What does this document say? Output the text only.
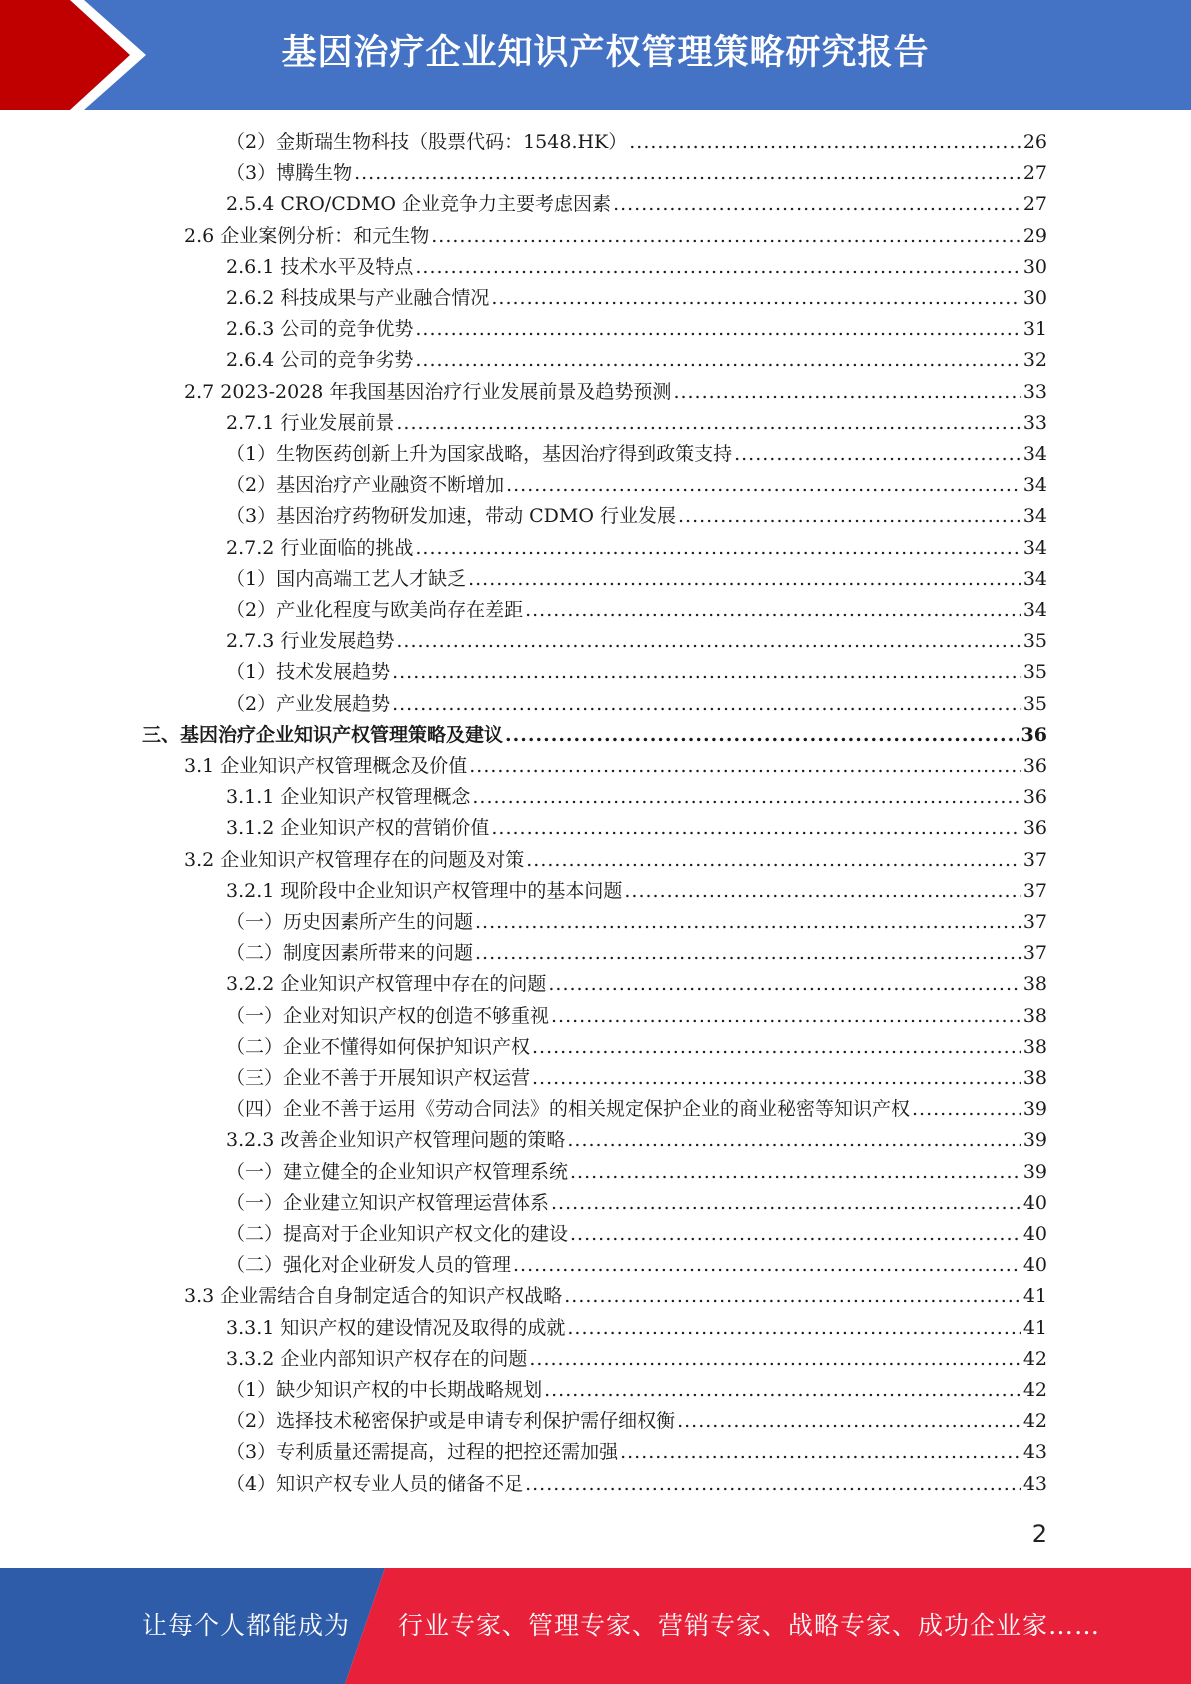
基因治疗企业知识产权管理策略研究报告
（2）金斯瑞生物科技（股票代码：1548.HK） .....	26
（3）博腾生物 .....	27
2.5.4 CRO/CDMO 企业竞争力主要考虑因素 .....	27
2.6 企业案例分析：和元生物 .....	29
2.6.1 技术水平及特点 .....	30
2.6.2 科技成果与产业融合情况 .....	30
2.6.3 公司的竞争优势 .....	31
2.6.4 公司的竞争劣势 .....	32
2.7 2023-2028 年我国基因治疗行业发展前景及趋势预测 .....	33
2.7.1 行业发展前景 .....	33
（1）生物医药创新上升为国家战略，基因治疗得到政策支持 .....	34
（2）基因治疗产业融资不断增加 .....	34
（3）基因治疗药物研发加速，带动 CDMO 行业发展 .....	34
2.7.2 行业面临的挑战 .....	34
（1）国内高端工艺人才缺乏 .....	34
（2）产业化程度与欧美尚存在差距 .....	34
2.7.3 行业发展趋势 .....	35
（1）技术发展趋势 .....	35
（2）产业发展趋势 .....	35
三、基因治疗企业知识产权管理策略及建议 .....	36
3.1 企业知识产权管理概念及价值 .....	36
3.1.1 企业知识产权管理概念 .....	36
3.1.2 企业知识产权的营销价值 .....	36
3.2 企业知识产权管理存在的问题及对策 .....	37
3.2.1 现阶段中企业知识产权管理中的基本问题 .....	37
（一）历史因素所产生的问题 .....	37
（二）制度因素所带来的问题 .....	37
3.2.2 企业知识产权管理中存在的问题 .....	38
（一）企业对知识产权的创造不够重视 .....	38
（二）企业不懂得如何保护知识产权 .....	38
（三）企业不善于开展知识产权运营 .....	38
（四）企业不善于运用《劳动合同法》的相关规定保护企业的商业秘密等知识产权 .....	39
3.2.3 改善企业知识产权管理问题的策略 .....	39
（一）建立健全的企业知识产权管理系统 .....	39
（一）企业建立知识产权管理运营体系 .....	40
（二）提高对于企业知识产权文化的建设 .....	40
（二）强化对企业研发人员的管理 .....	40
3.3 企业需结合自身制定适合的知识产权战略 .....	41
3.3.1 知识产权的建设情况及取得的成就 .....	41
3.3.2 企业内部知识产权存在的问题 .....	42
（1）缺少知识产权的中长期战略规划 .....	42
（2）选择技术秘密保护或是申请专利保护需仔细权衡 .....	42
（3）专利质量还需提高，过程的把控还需加强 .....	43
（4）知识产权专业人员的储备不足 .....	43
2
让每个人都能成为 行业专家、管理专家、营销专家、战略专家、成功企业家……
